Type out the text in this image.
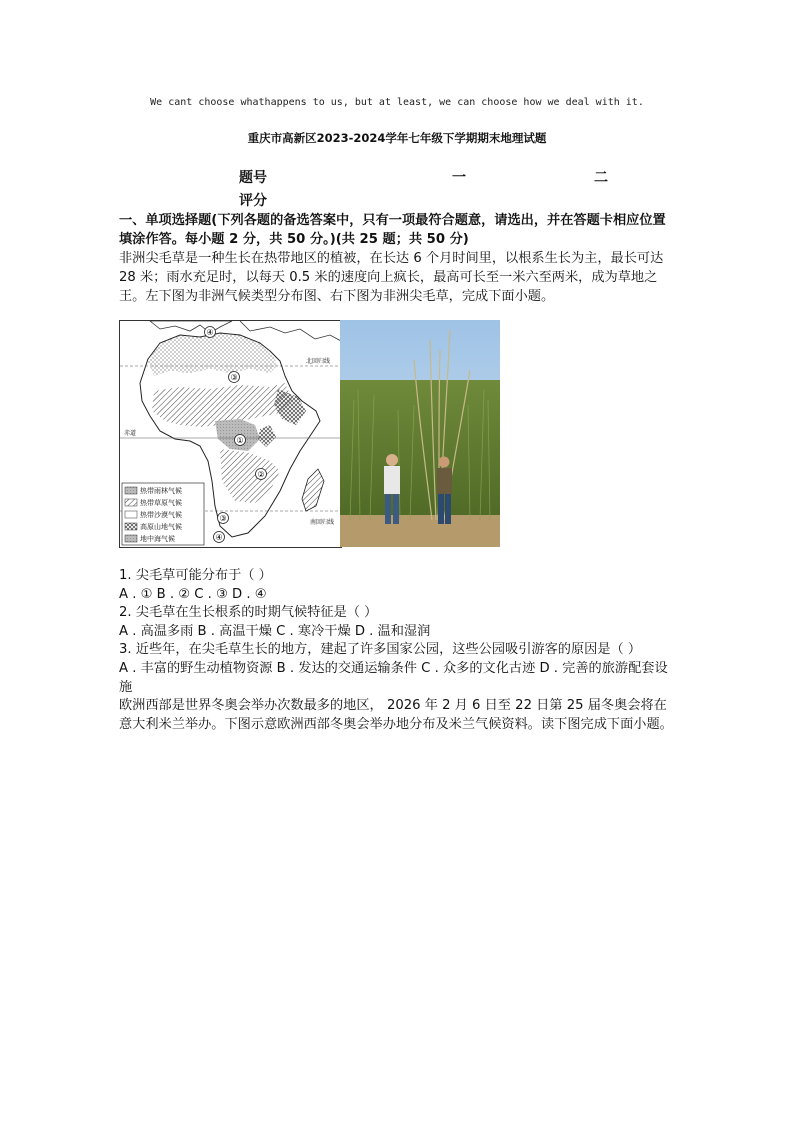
We cant choose whathappens to us, but at least, we can choose how we deal with it.
重庆市高新区2023-2024学年七年级下学期期末地理试题
题号	一	二
评分

一、单项选择题(下列各题的备选答案中，只有一项最符合题意，请选出，并在答题卡相应位置填涂作答。每小题 2 分，共 50 分。)(共 25 题；共 50 分)

非洲尖毛草是一种生长在热带地区的植被，在长达 6 个月时间里，以根系生长为主，最长可达 28 米；雨水充足时，以每天 0.5 米的速度向上疯长，最高可长至一米六至两米，成为草地之王。左下图为非洲气候类型分布图、右下图为非洲尖毛草，完成下面小题。

北回归线
赤道
南回归线
④
③
①
②
③
④
热带雨林气候
热带草原气候
热带沙漠气候
高原山地气候
地中海气候

1. 尖毛草可能分布于（ ）

A . ① B . ② C . ③ D . ④

2. 尖毛草在生长根系的时期气候特征是（ ）

A . 高温多雨 B . 高温干燥 C . 寒冷干燥 D . 温和湿润

3. 近些年，在尖毛草生长的地方，建起了许多国家公园，这些公园吸引游客的原因是（ ）

A . 丰富的野生动植物资源 B . 发达的交通运输条件 C . 众多的文化古迹 D . 完善的旅游配套设施

欧洲西部是世界冬奥会举办次数最多的地区， 2026 年 2 月 6 日至 22 日第 25 届冬奥会将在意大利米兰举办。下图示意欧洲西部冬奥会举办地分布及米兰气候资料。读下图完成下面小题。
